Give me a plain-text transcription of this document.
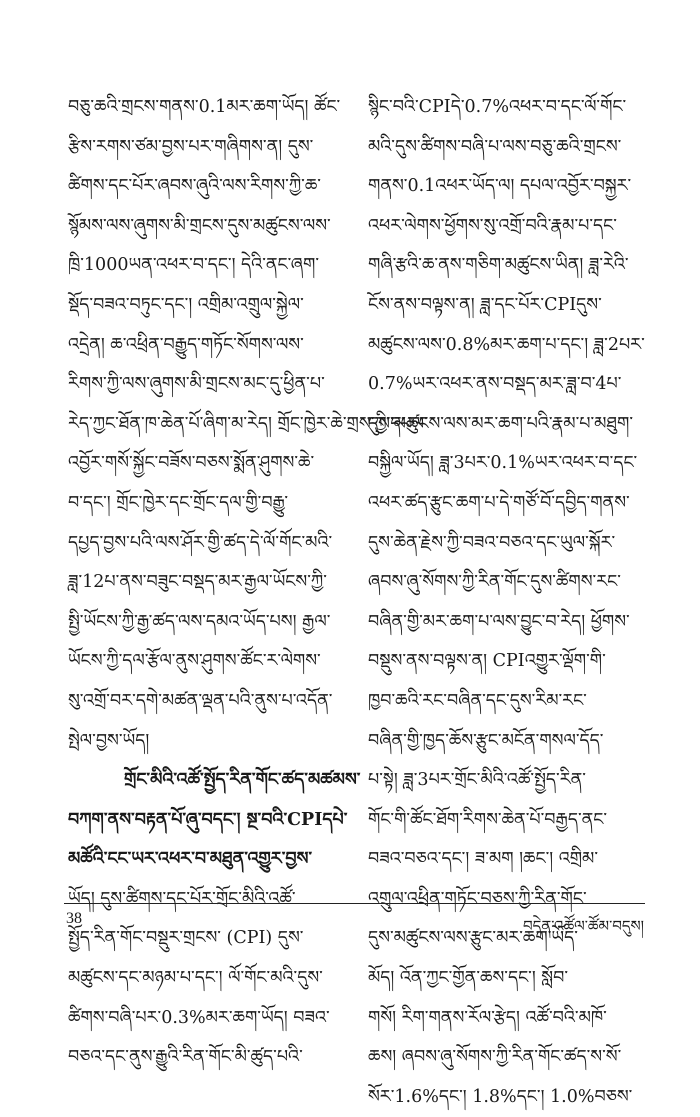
བཅུ་ཆའི་གྲངས་གནས་0.1མར་ཆག་ཡོད། ཚོང་
རྩིས་རགས་ཙམ་བྱས་པར་གཞིགས་ན། དུས་
ཚིགས་དང་པོར་ཞབས་ཞུའི་ལས་རིགས་ཀྱི་ཆ་
སྙོམས་ལས་ཞུགས་མི་གྲངས་དུས་མཚུངས་ལས་
ཁྲི་1000ཡན་འཕར་བ་དང་། དེའི་ནང་ཞག་
སྡོད་བཟའ་བཏུང་དང་། འགྲིམ་འགྲུལ་སྐྱེལ་
འདྲེན། ཆ་འཕྲིན་བརྒྱུད་གཏོང་སོགས་ལས་
རིགས་ཀྱི་ལས་ཞུགས་མི་གྲངས་མང་དུ་ཕྱིན་པ་
རེད་ཀྱང་ཐོན་ཁ་ཆེན་པོ་ཞིག་མ་རེད། གྲོང་ཁྱེར་ཆེ་གྲས་ཀྱི་དཔལ་
འབྱོར་གསོ་སྐྱོང་བཟོས་བཅས་སྨོན་ཤུགས་ཆེ་
བ་དང་། གྲོང་ཁྱེར་དང་གྲོང་དལ་གྱི་བརྒྱུ་
དཔྱད་བྱས་པའི་ལས་ཤོར་གྱི་ཚད་དེ་ལོ་གོང་མའི་
ཟླ་12པ་ནས་བཟུང་བསྡད་མར་རྒྱལ་ཡོངས་ཀྱི་
སྤྱི་ཡོངས་ཀྱི་རྒྱ་ཚད་ལས་དམའ་ཡོད་པས། རྒྱལ་
ཡོངས་ཀྱི་དལ་རྩོལ་ནུས་ཤུགས་ཚོང་ར་ལེགས་
སུ་འགྲོ་བར་དགེ་མཚན་ལྡན་པའི་ནུས་པ་འདོན་
སྤེལ་བྱས་ཡོད།
གྲོང་མིའི་འཚོ་སྤྱོད་རིན་གོང་ཚད་མཚམས་
བཀག་ནས་བརྟན་པོ་ཞུ་བདང་། སྔ་བའི་CPIདཔེ་
མཚོའི་ངང་ཡར་འཕར་བ་མཐུན་འགྱུར་བྱས་
ཡོད། དུས་ཚིགས་དང་པོར་གྲོང་མིའི་འཚོ་
སྤྱོད་རིན་གོང་བསྡུར་གྲངས་ (CPI) དུས་
མཚུངས་དང་མཉམ་པ་དང་། ལོ་གོང་མའི་དུས་
ཚིགས་བཞི་པར་0.3%མར་ཆག་ཡོད། བཟའ་
བཅའ་དང་ནུས་རྒྱུའི་རིན་གོང་མི་ཚུད་པའི་
སྙིང་བའི་CPIདེ་0.7%འཕར་བ་དང་ལོ་གོང་
མའི་དུས་ཚིགས་བཞི་པ་ལས་བཅུ་ཆའི་གྲངས་
གནས་0.1འཕར་ཡོད་ལ། དཔལ་འབྱོར་བསྐྱར་
འཕར་ལེགས་ཕྱོགས་སུ་འགྲོ་བའི་རྣམ་པ་དང་
གཞི་རྩའི་ཆ་ནས་གཅིག་མཚུངས་ཡིན། ཟླ་རེའི་
ངོས་ནས་བལྟས་ན། ཟླ་དང་པོར་CPIདུས་
མཚུངས་ལས་0.8%མར་ཆག་པ་དང་། ཟླ་2པར་
0.7%ཡར་འཕར་ནས་བསྡད་མར་ཟླ་བ་4པ་
དུས་མཚུངས་ལས་མར་ཆག་པའི་རྣམ་པ་མཐུག་
བསྐྱིལ་ཡོད། ཟླ་3པར་0.1%ཡར་འཕར་བ་དང་
འཕར་ཚད་རྩུང་ཆག་པ་དེ་གཙོ་བོ་དབྱིད་གནས་
དུས་ཆེན་རྗེས་ཀྱི་བཟའ་བཅའ་དང་ཡུལ་སྐོར་
ཞབས་ཞུ་སོགས་ཀྱི་རིན་གོང་དུས་ཚིགས་རང་
བཞིན་གྱི་མར་ཆག་པ་ལས་བྱུང་བ་རེད། ཕྱོགས་
བསྡུས་ནས་བལྟས་ན། CPIའགྱུར་ལྡོག་གི་
ཁྱབ་ཆའི་རང་བཞིན་དང་དུས་རིམ་རང་
བཞིན་གྱི་ཁྱད་ཆོས་རྩུང་མངོན་གསལ་དོད་
པ་སྟེ། ཟླ་3པར་གྲོང་མིའི་འཚོ་སྤྱོད་རིན་
གོང་གི་ཚོང་ཐོག་རིགས་ཆེན་པོ་བརྒྱད་ནང་
བཟའ་བཅའ་དང་། ཟ་མག །ཆང་། འགྲིམ་
འགྲུལ་འཕྲིན་གཏོང་བཅས་ཀྱི་རིན་གོང་
དུས་མཚུངས་ལས་རྩུང་མར་ཆག་ཡོད་
མོད། འོན་ཀྱང་གྱོན་ཆས་དང་། སློབ་
གསོ། རིག་གནས་རོལ་རྩེད། འཚོ་བའི་མཁོ་
ཆས། ཞབས་ཞུ་སོགས་ཀྱི་རིན་གོང་ཚད་ས་སོ་
སོར་1.6%དང་། 1.8%དང་། 1.0%བཅས་
38	བདེན་འཚོལ་ཚོམ་བདུས།
